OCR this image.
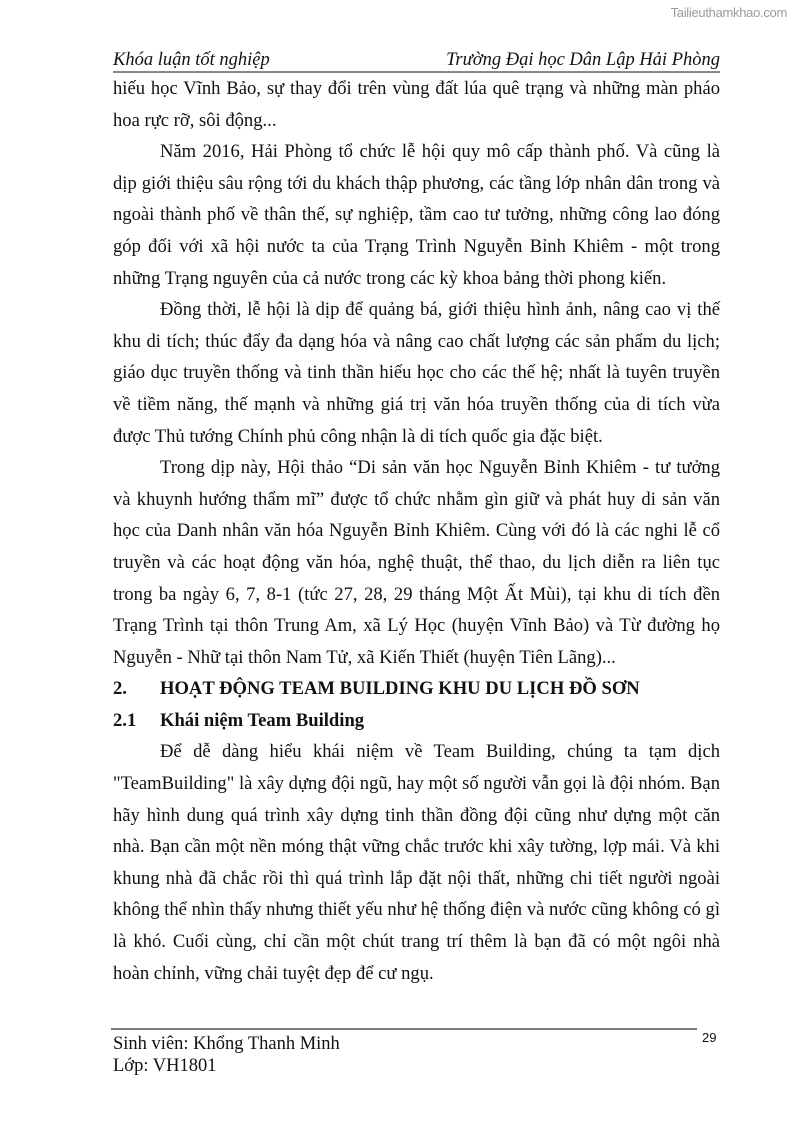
Tailieuthamkhao.com
Khóa luận tốt nghiệp	Trường Đại học Dân Lập Hải Phòng

hiếu học Vĩnh Bảo, sự thay đổi trên vùng đất lúa quê trạng và những màn pháo hoa rực rỡ, sôi động...

Năm 2016, Hải Phòng tổ chức lễ hội quy mô cấp thành phố. Và cũng là dịp giới thiệu sâu rộng tới du khách thập phương, các tầng lớp nhân dân trong và ngoài thành phố về thân thế, sự nghiệp, tầm cao tư tưởng, những công lao đóng góp đối với xã hội nước ta của Trạng Trình Nguyễn Bỉnh Khiêm - một trong những Trạng nguyên của cả nước trong các kỳ khoa bảng thời phong kiến.

Đồng thời, lễ hội là dịp để quảng bá, giới thiệu hình ảnh, nâng cao vị thế khu di tích; thúc đẩy đa dạng hóa và nâng cao chất lượng các sản phẩm du lịch; giáo dục truyền thống và tinh thần hiếu học cho các thế hệ; nhất là tuyên truyền về tiềm năng, thế mạnh và những giá trị văn hóa truyền thống của di tích vừa được Thủ tướng Chính phủ công nhận là di tích quốc gia đặc biệt.

Trong dịp này, Hội thảo “Di sản văn học Nguyễn Bỉnh Khiêm - tư tưởng và khuynh hướng thẩm mĩ” được tổ chức nhằm gìn giữ và phát huy di sản văn học của Danh nhân văn hóa Nguyễn Bỉnh Khiêm. Cùng với đó là các nghi lễ cổ truyền và các hoạt động văn hóa, nghệ thuật, thể thao, du lịch diễn ra liên tục trong ba ngày 6, 7, 8-1 (tức 27, 28, 29 tháng Một Ất Mùi), tại khu di tích đền Trạng Trình tại thôn Trung Am, xã Lý Học (huyện Vĩnh Bảo) và Từ đường họ Nguyễn - Nhữ tại thôn Nam Tử, xã Kiến Thiết (huyện Tiên Lãng)...

2.	HOẠT ĐỘNG TEAM BUILDING KHU DU LỊCH ĐỒ SƠN
2.1	Khái niệm Team Building

Để dễ dàng hiểu khái niệm về Team Building, chúng ta tạm dịch "TeamBuilding" là xây dựng đội ngũ, hay một số người vẫn gọi là đội nhóm. Bạn hãy hình dung quá trình xây dựng tinh thần đồng đội cũng như dựng một căn nhà. Bạn cần một nền móng thật vững chắc trước khi xây tường, lợp mái. Và khi khung nhà đã chắc rồi thì quá trình lắp đặt nội thất, những chi tiết người ngoài không thể nhìn thấy nhưng thiết yếu như hệ thống điện và nước cũng không có gì là khó. Cuối cùng, chỉ cần một chút trang trí thêm là bạn đã có một ngôi nhà hoàn chỉnh, vững chải tuyệt đẹp để cư ngụ.

29
Sinh viên: Khổng Thanh Minh
Lớp: VH1801
